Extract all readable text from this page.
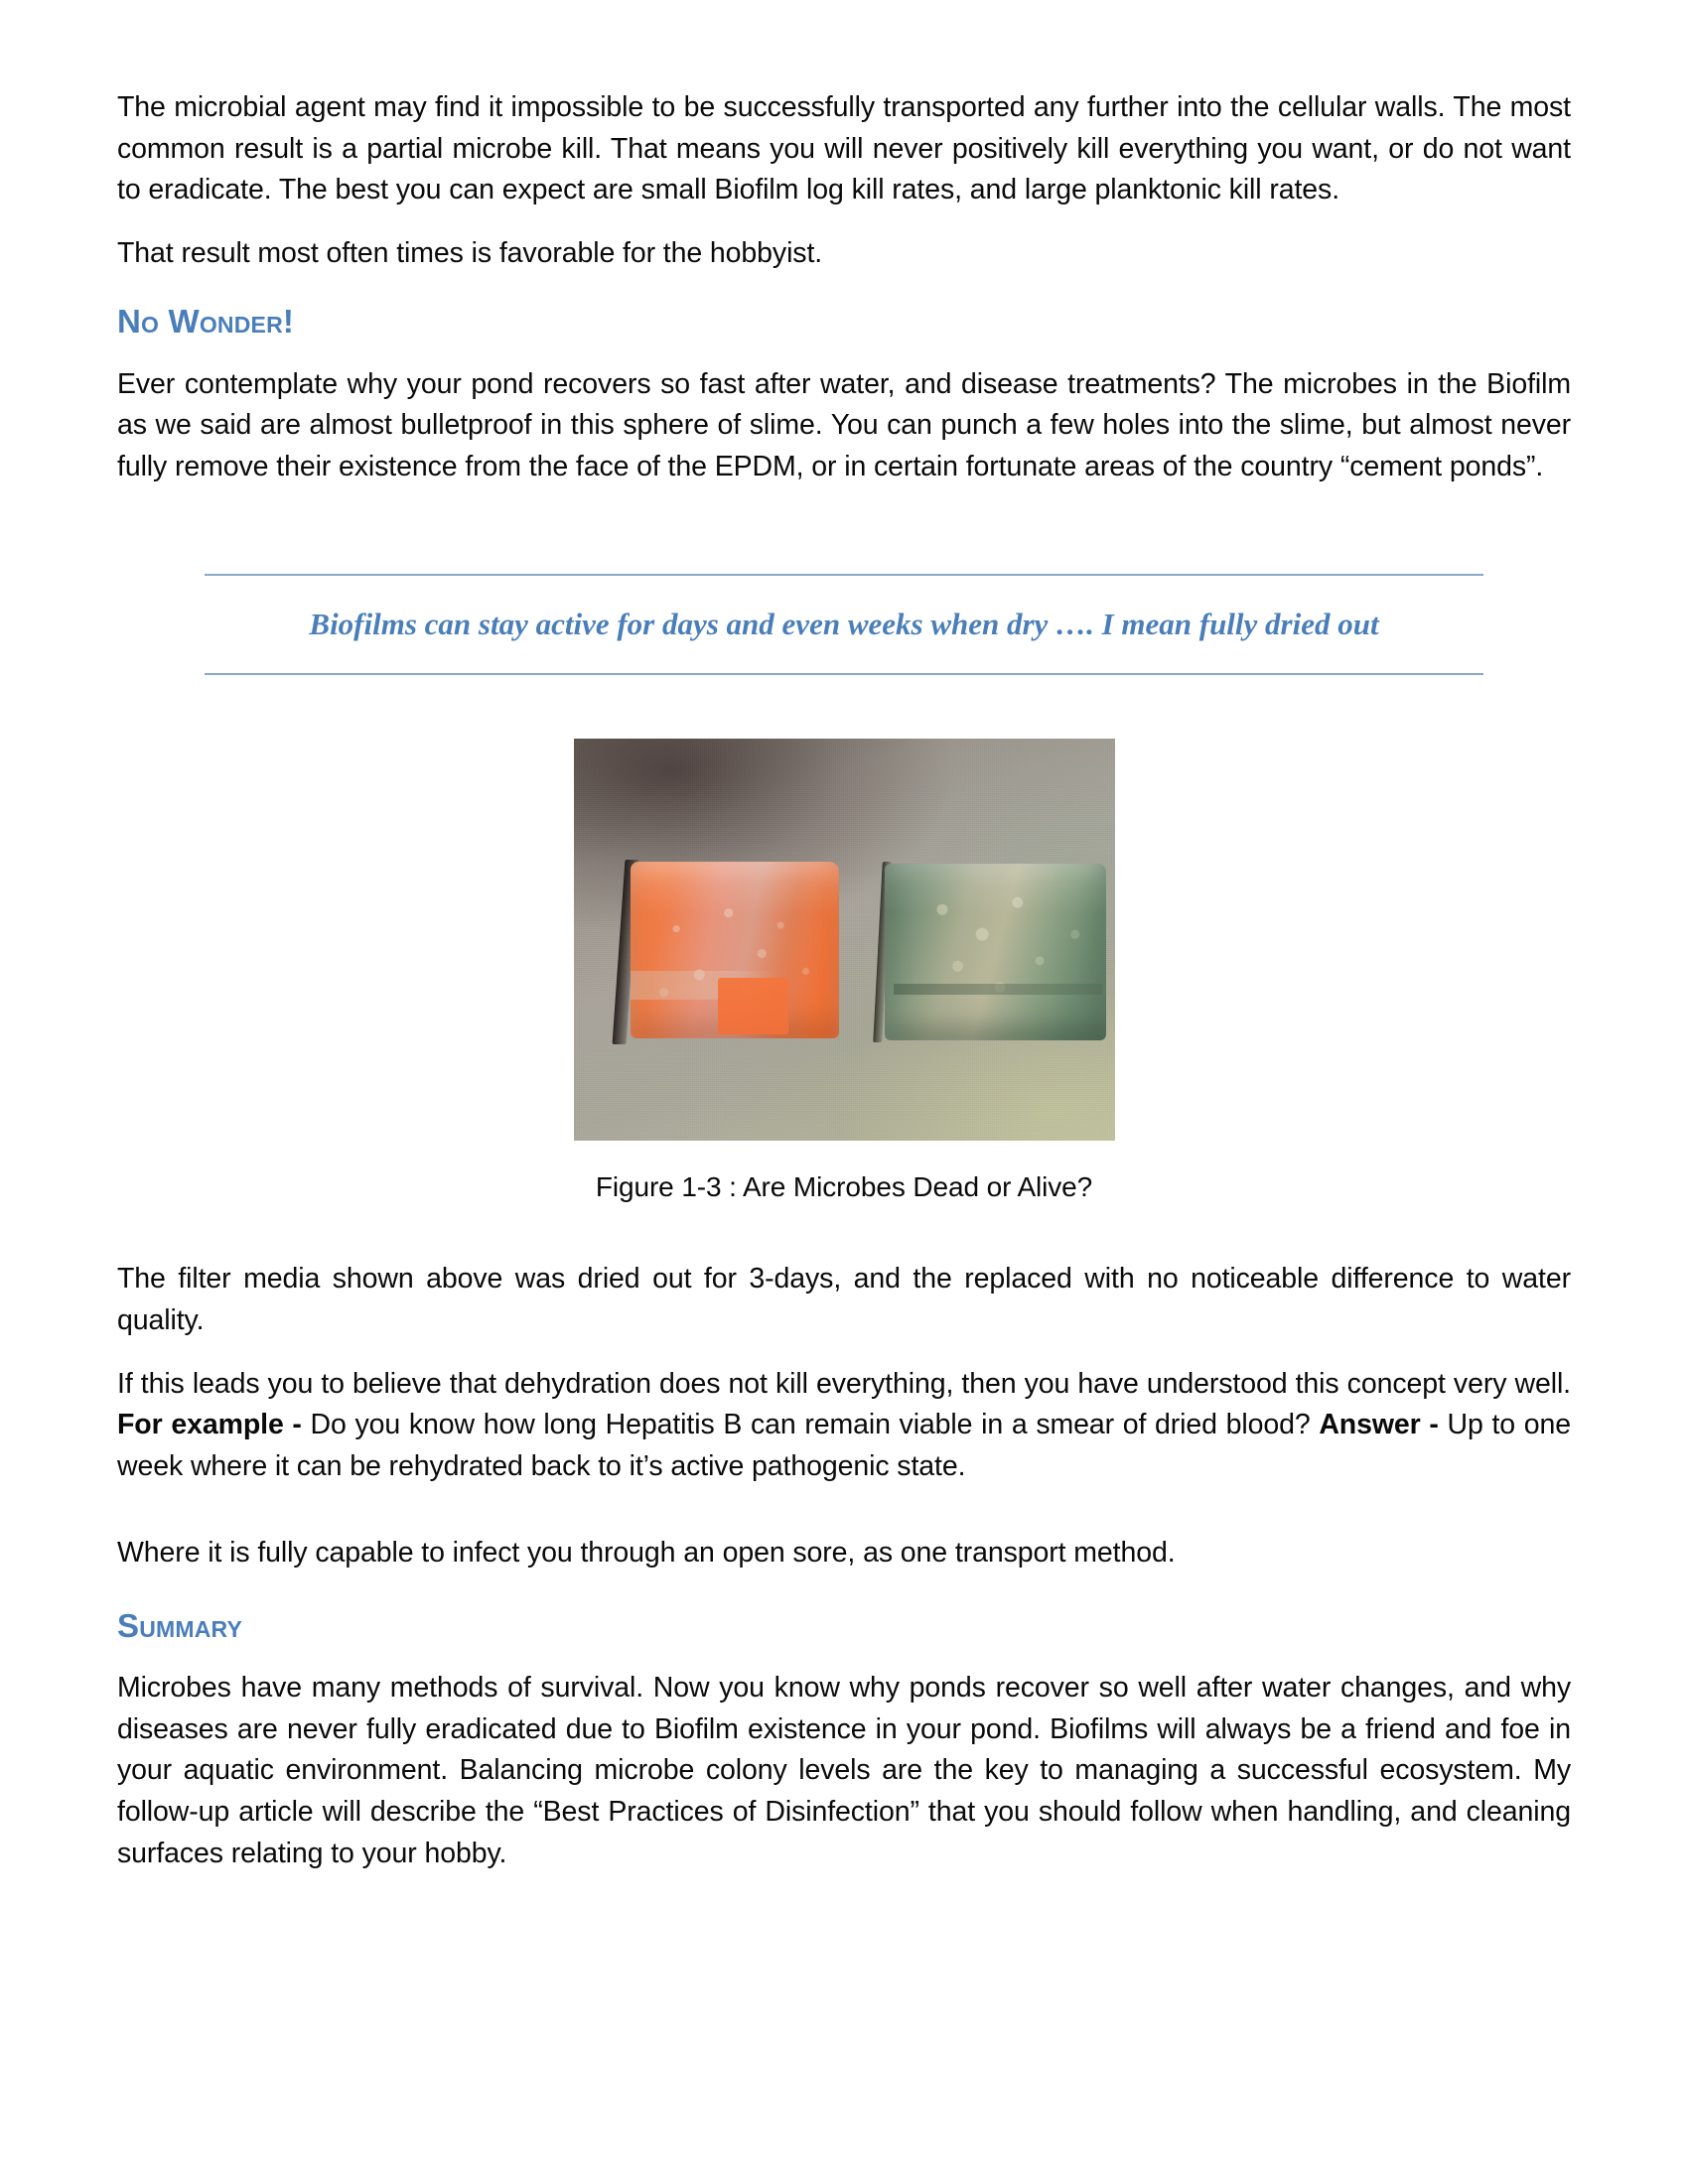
The microbial agent may find it impossible to be successfully transported any further into the cellular walls. The most common result is a partial microbe kill. That means you will never positively kill everything you want, or do not want to eradicate. The best you can expect are small Biofilm log kill rates, and large planktonic kill rates.

That result most often times is favorable for the hobbyist.

No Wonder!

Ever contemplate why your pond recovers so fast after water, and disease treatments? The microbes in the Biofilm as we said are almost bulletproof in this sphere of slime. You can punch a few holes into the slime, but almost never fully remove their existence from the face of the EPDM, or in certain fortunate areas of the country “cement ponds”.

Biofilms can stay active for days and even weeks when dry …. I mean fully dried out
Figure 1-3 : Are Microbes Dead or Alive?

The filter media shown above was dried out for 3-days, and the replaced with no noticeable difference to water quality.

If this leads you to believe that dehydration does not kill everything, then you have understood this concept very well. For example - Do you know how long Hepatitis B can remain viable in a smear of dried blood? Answer - Up to one week where it can be rehydrated back to it’s active pathogenic state.

Where it is fully capable to infect you through an open sore, as one transport method.

Summary

Microbes have many methods of survival. Now you know why ponds recover so well after water changes, and why diseases are never fully eradicated due to Biofilm existence in your pond. Biofilms will always be a friend and foe in your aquatic environment. Balancing microbe colony levels are the key to managing a successful ecosystem. My follow-up article will describe the “Best Practices of Disinfection” that you should follow when handling, and cleaning surfaces relating to your hobby.
